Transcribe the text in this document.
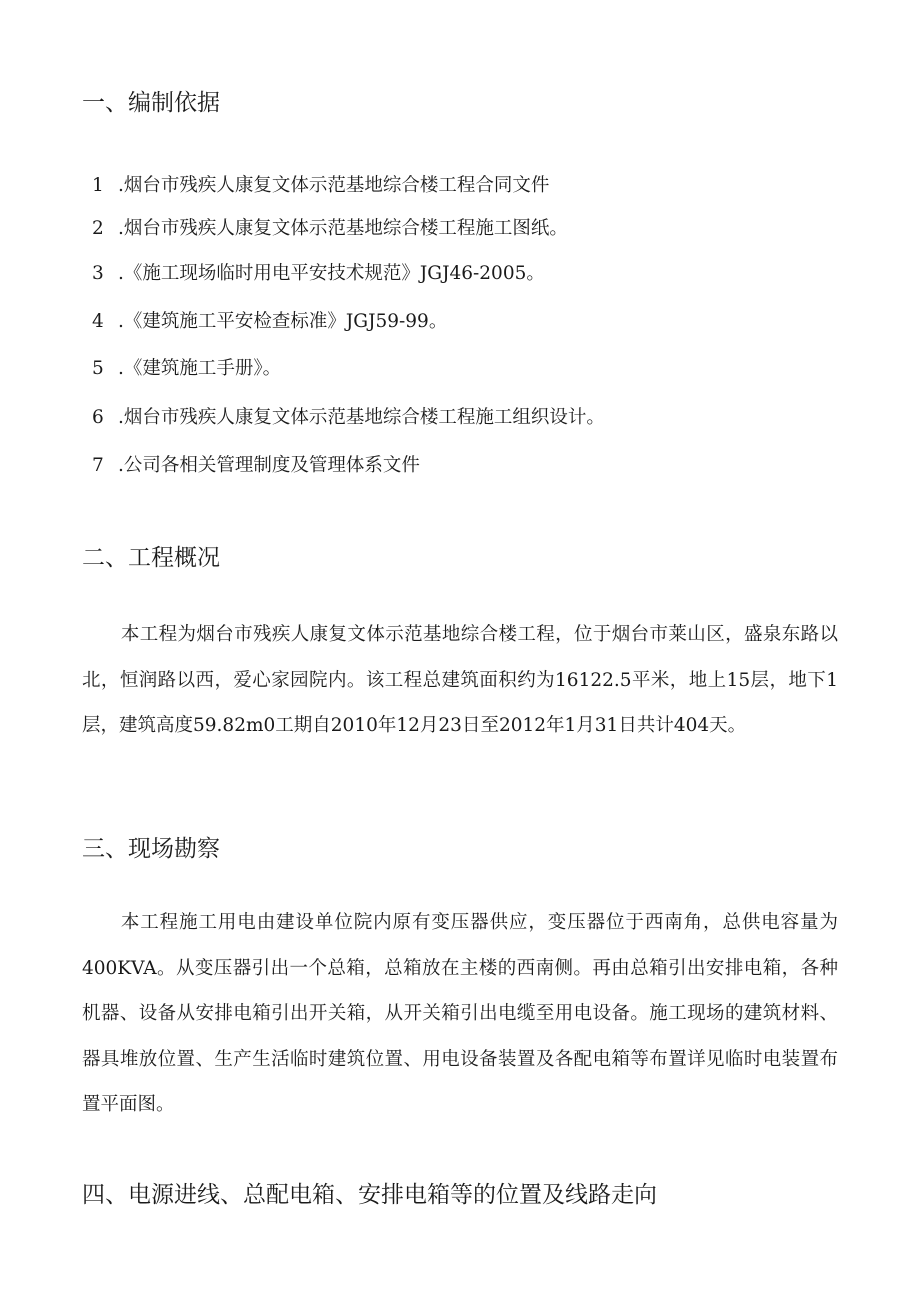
一、编制依据

1 .烟台市残疾人康复文体示范基地综合楼工程合同文件

2 .烟台市残疾人康复文体示范基地综合楼工程施工图纸。

3 .《施工现场临时用电平安技术规范》JGJ46-2005。

4 .《建筑施工平安检查标准》JGJ59-99。

5 .《建筑施工手册》。

6 .烟台市残疾人康复文体示范基地综合楼工程施工组织设计。

7 .公司各相关管理制度及管理体系文件

二、工程概况

本工程为烟台市残疾人康复文体示范基地综合楼工程，位于烟台市莱山区，盛泉东路以北，恒润路以西，爱心家园院内。该工程总建筑面积约为16122.5平米，地上15层，地下1层，建筑高度59.82m0工期自2010年12月23日至2012年1月31日共计404天。

三、现场勘察

本工程施工用电由建设单位院内原有变压器供应，变压器位于西南角，总供电容量为400KVA。从变压器引出一个总箱，总箱放在主楼的西南侧。再由总箱引出安排电箱，各种机器、设备从安排电箱引出开关箱，从开关箱引出电缆至用电设备。施工现场的建筑材料、器具堆放位置、生产生活临时建筑位置、用电设备装置及各配电箱等布置详见临时电装置布置平面图。

四、电源进线、总配电箱、安排电箱等的位置及线路走向
